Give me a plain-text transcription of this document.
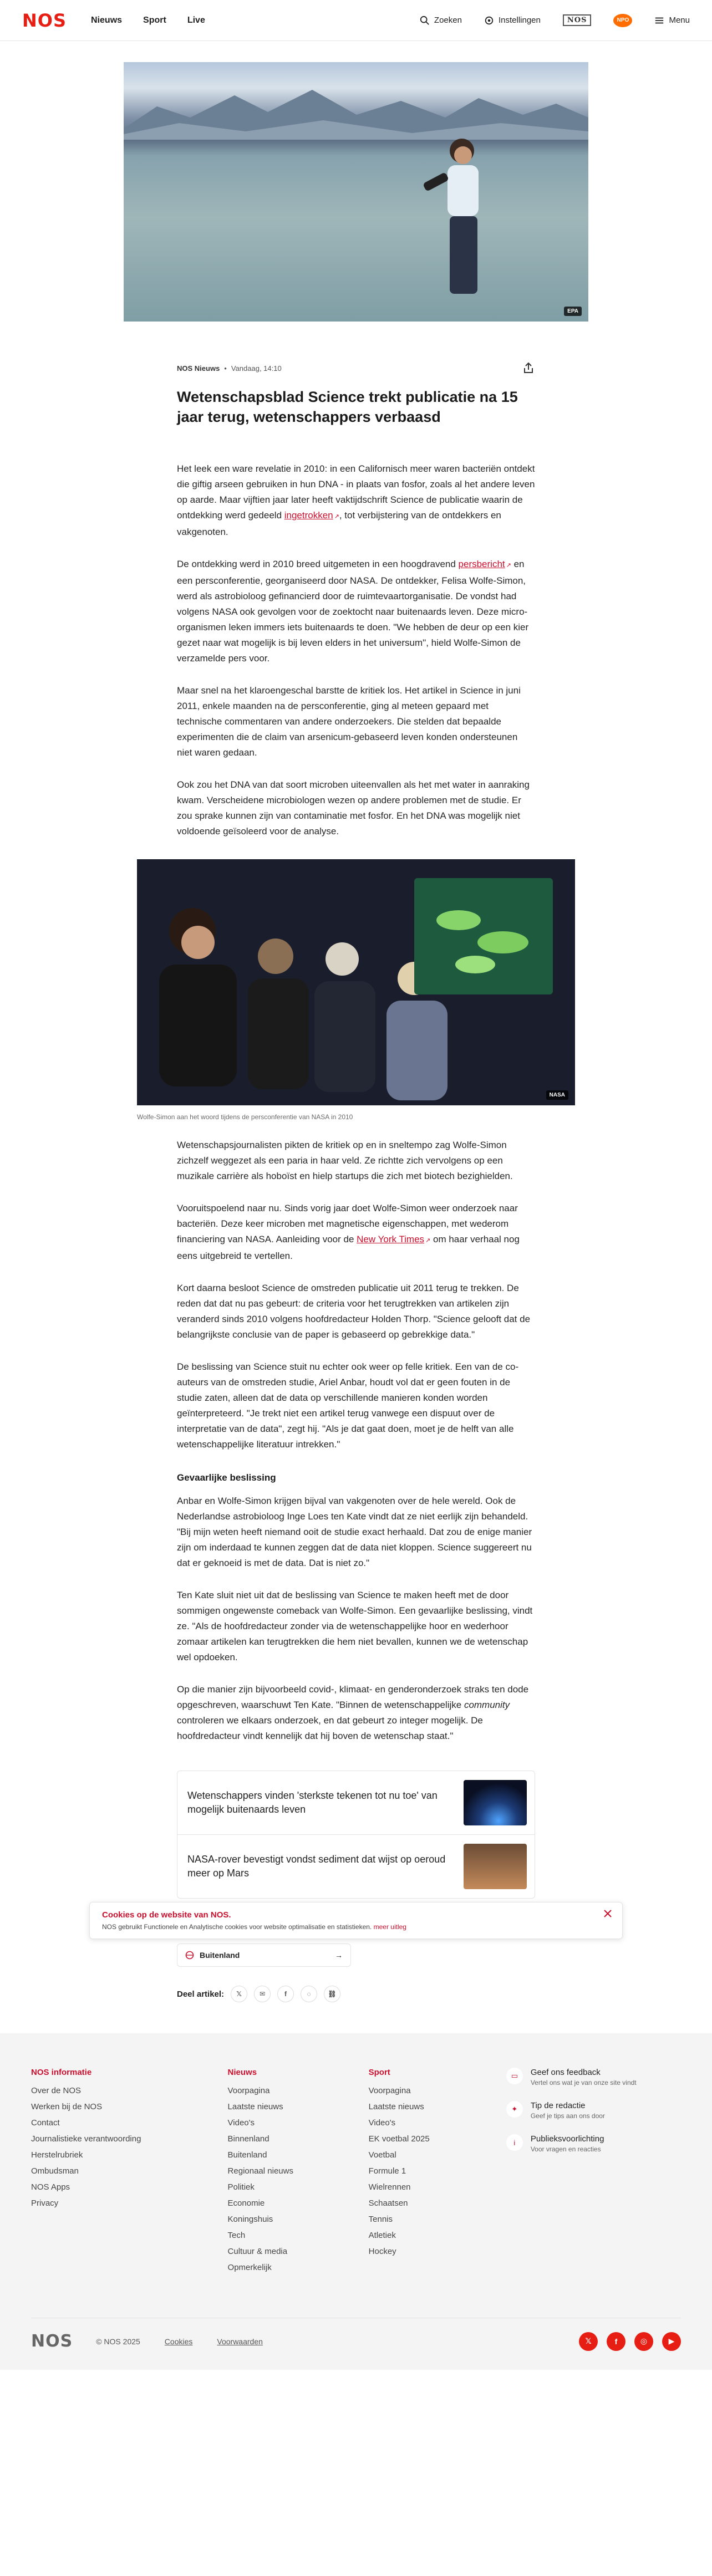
NOS	Nieuws Sport Live	Zoeken	Instellingen	NOS	NPO	Menu
EPA
NOS Nieuws • Vandaag, 14:10
Wetenschapsblad Science trekt publicatie na 15 jaar terug, wetenschappers verbaasd

Het leek een ware revelatie in 2010: in een Californisch meer waren bacteriën ontdekt die giftig arseen gebruiken in hun DNA - in plaats van fosfor, zoals al het andere leven op aarde. Maar vijftien jaar later heeft vaktijdschrift Science de publicatie waarin de ontdekking werd gedeeld ingetrokken ↗, tot verbijstering van de ontdekkers en vakgenoten.

De ontdekking werd in 2010 breed uitgemeten in een hoogdravend persbericht ↗ en een persconferentie, georganiseerd door NASA. De ontdekker, Felisa Wolfe-Simon, werd als astrobioloog gefinancierd door de ruimtevaartorganisatie. De vondst had volgens NASA ook gevolgen voor de zoektocht naar buitenaards leven. Deze micro-organismen leken immers iets buitenaards te doen. "We hebben de deur op een kier gezet naar wat mogelijk is bij leven elders in het universum", hield Wolfe-Simon de verzamelde pers voor.

Maar snel na het klaroengeschal barstte de kritiek los. Het artikel in Science in juni 2011, enkele maanden na de persconferentie, ging al meteen gepaard met technische commentaren van andere onderzoekers. Die stelden dat bepaalde experimenten die de claim van arsenicum-gebaseerd leven konden ondersteunen niet waren gedaan.

Ook zou het DNA van dat soort microben uiteenvallen als het met water in aanraking kwam. Verscheidene microbiologen wezen op andere problemen met de studie. Er zou sprake kunnen zijn van contaminatie met fosfor. En het DNA was mogelijk niet voldoende geïsoleerd voor de analyse.

NASA
Wolfe-Simon aan het woord tijdens de persconferentie van NASA in 2010

Wetenschapsjournalisten pikten de kritiek op en in sneltempo zag Wolfe-Simon zichzelf weggezet als een paria in haar veld. Ze richtte zich vervolgens op een muzikale carrière als hoboïst en hielp startups die zich met biotech bezighielden.

Vooruitspoelend naar nu. Sinds vorig jaar doet Wolfe-Simon weer onderzoek naar bacteriën. Deze keer microben met magnetische eigenschappen, met wederom financiering van NASA. Aanleiding voor de New York Times ↗ om haar verhaal nog eens uitgebreid te vertellen.

Kort daarna besloot Science de omstreden publicatie uit 2011 terug te trekken. De reden dat dat nu pas gebeurt: de criteria voor het terugtrekken van artikelen zijn veranderd sinds 2010 volgens hoofdredacteur Holden Thorp. "Science gelooft dat de belangrijkste conclusie van de paper is gebaseerd op gebrekkige data."

De beslissing van Science stuit nu echter ook weer op felle kritiek. Een van de co-auteurs van de omstreden studie, Ariel Anbar, houdt vol dat er geen fouten in de studie zaten, alleen dat de data op verschillende manieren konden worden geïnterpreteerd. "Je trekt niet een artikel terug vanwege een dispuut over de interpretatie van de data", zegt hij. "Als je dat gaat doen, moet je de helft van alle wetenschappelijke literatuur intrekken."

Gevaarlijke beslissing

Anbar en Wolfe-Simon krijgen bijval van vakgenoten over de hele wereld. Ook de Nederlandse astrobioloog Inge Loes ten Kate vindt dat ze niet eerlijk zijn behandeld. "Bij mijn weten heeft niemand ooit de studie exact herhaald. Dat zou de enige manier zijn om inderdaad te kunnen zeggen dat de data niet kloppen. Science suggereert nu dat er geknoeid is met de data. Dat is niet zo."

Ten Kate sluit niet uit dat de beslissing van Science te maken heeft met de door sommigen ongewenste comeback van Wolfe-Simon. Een gevaarlijke beslissing, vindt ze. "Als de hoofdredacteur zonder via de wetenschappelijke hoor en wederhoor zomaar artikelen kan terugtrekken die hem niet bevallen, kunnen we de wetenschap wel opdoeken.

Op die manier zijn bijvoorbeeld covid-, klimaat- en genderonderzoek straks ten dode opgeschreven, waarschuwt Ten Kate. "Binnen de wetenschappelijke community controleren we elkaars onderzoek, en dat gebeurt zo integer mogelijk. De hoofdredacteur vindt kennelijk dat hij boven de wetenschap staat."

Wetenschappers vinden 'sterkste tekenen tot nu toe' van mogelijk buitenaards leven
NASA-rover bevestigt vondst sediment dat wijst op oeroud meer op Mars
Cookies op de website van NOS.
NOS gebruikt Functionele en Analytische cookies voor website optimalisatie en statistieken. meer uitleg
Buitenland	→
Deel artikel:	𝕏	✉	f	◌	⛓
NOS informatie
Over de NOS
Werken bij de NOS
Contact
Journalistieke verantwoording
Herstelrubriek
Ombudsman
NOS Apps
Privacy
Nieuws
Voorpagina
Laatste nieuws
Video's
Binnenland
Buitenland
Regionaal nieuws
Politiek
Economie
Koningshuis
Tech
Cultuur & media
Opmerkelijk
Sport
Voorpagina
Laatste nieuws
Video's
EK voetbal 2025
Voetbal
Formule 1
Wielrennen
Schaatsen
Tennis
Atletiek
Hockey
▭	Geef ons feedback
Vertel ons wat je van onze site vindt
✦	Tip de redactie
Geef je tips aan ons door
i	Publieksvoorlichting
Voor vragen en reacties
NOS	© NOS 2025	Cookies	Voorwaarden	𝕏	f	◎	▶
